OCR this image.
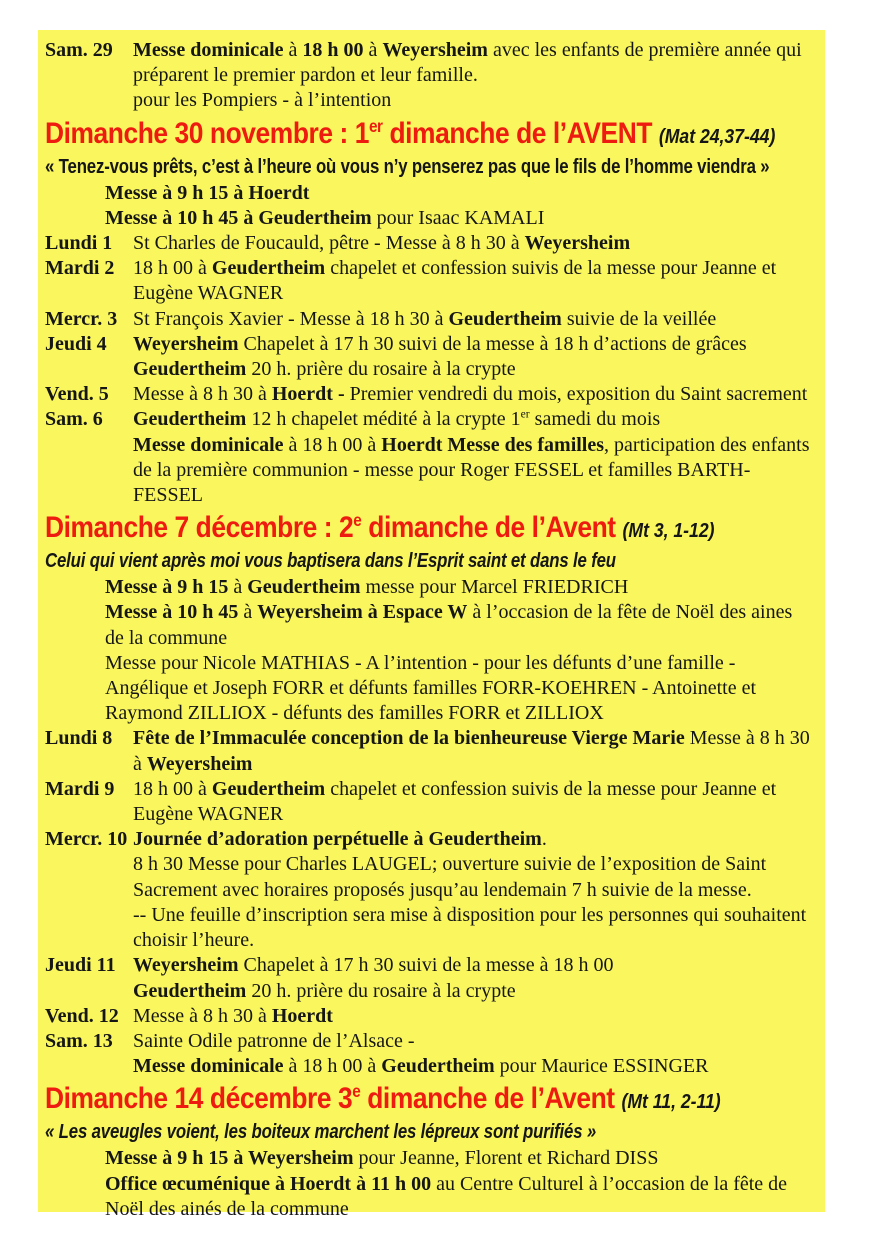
Sam. 29 Messe dominicale à 18 h 00 à Weyersheim avec les enfants de première année qui préparent le premier pardon et leur famille.
pour les Pompiers - à l’intention
Dimanche 30 novembre : 1er dimanche de l’AVENT (Mat 24,37-44)
« Tenez-vous prêts, c’est à l’heure où vous n’y penserez pas que le fils de l’homme viendra »
Messe à 9 h 15 à Hoerdt
Messe à 10 h 45 à Geudertheim pour Isaac KAMALI
Lundi 1 St Charles de Foucauld, pêtre - Messe à 8 h 30 à Weyersheim
Mardi 2 18 h 00 à Geudertheim chapelet et confession suivis de la messe pour Jeanne et Eugène WAGNER
Mercr. 3 St François Xavier - Messe à 18 h 30 à Geudertheim suivie de la veillée
Jeudi 4 Weyersheim Chapelet à 17 h 30 suivi de la messe à 18 h d’actions de grâces
Geudertheim 20 h. prière du rosaire à la crypte
Vend. 5 Messe à 8 h 30 à Hoerdt - Premier vendredi du mois, exposition du Saint sacrement
Sam. 6 Geudertheim 12 h chapelet médité à la crypte 1er samedi du mois
Messe dominicale à 18 h 00 à Hoerdt Messe des familles, participation des enfants de la première communion - messe pour Roger FESSEL et familles BARTH-FESSEL
Dimanche 7 décembre : 2e dimanche de l’Avent (Mt 3, 1-12)
Celui qui vient après moi vous baptisera dans l’Esprit saint et dans le feu
Messe à 9 h 15 à Geudertheim messe pour Marcel FRIEDRICH
Messe à 10 h 45 à Weyersheim à Espace W à l’occasion de la fête de Noël des aines de la commune
Messe pour Nicole MATHIAS - A l’intention - pour les défunts d’une famille - Angélique et Joseph FORR et défunts familles FORR-KOEHREN - Antoinette et Raymond ZILLIOX - défunts des familles FORR et ZILLIOX
Lundi 8 Fête de l’Immaculée conception de la bienheureuse Vierge Marie Messe à 8 h 30 à Weyersheim
Mardi 9 18 h 00 à Geudertheim chapelet et confession suivis de la messe pour Jeanne et Eugène WAGNER
Mercr. 10 Journée d’adoration perpétuelle à Geudertheim.
8 h 30 Messe pour Charles LAUGEL; ouverture suivie de l’exposition de Saint Sacrement avec horaires proposés jusqu’au lendemain 7 h suivie de la messe.
-- Une feuille d’inscription sera mise à disposition pour les personnes qui souhaitent choisir l’heure.
Jeudi 11 Weyersheim Chapelet à 17 h 30 suivi de la messe à 18 h 00
Geudertheim 20 h. prière du rosaire à la crypte
Vend. 12 Messe à 8 h 30 à Hoerdt
Sam. 13 Sainte Odile patronne de l’Alsace -
Messe dominicale à 18 h 00 à Geudertheim pour Maurice ESSINGER
Dimanche 14 décembre 3e dimanche de l’Avent (Mt 11, 2-11)
« Les aveugles voient, les boiteux marchent les lépreux sont purifiés »
Messe à 9 h 15 à Weyersheim pour Jeanne, Florent et Richard DISS
Office œcuménique à Hoerdt à 11 h 00 au Centre Culturel à l’occasion de la fête de Noël des ainés de la commune
